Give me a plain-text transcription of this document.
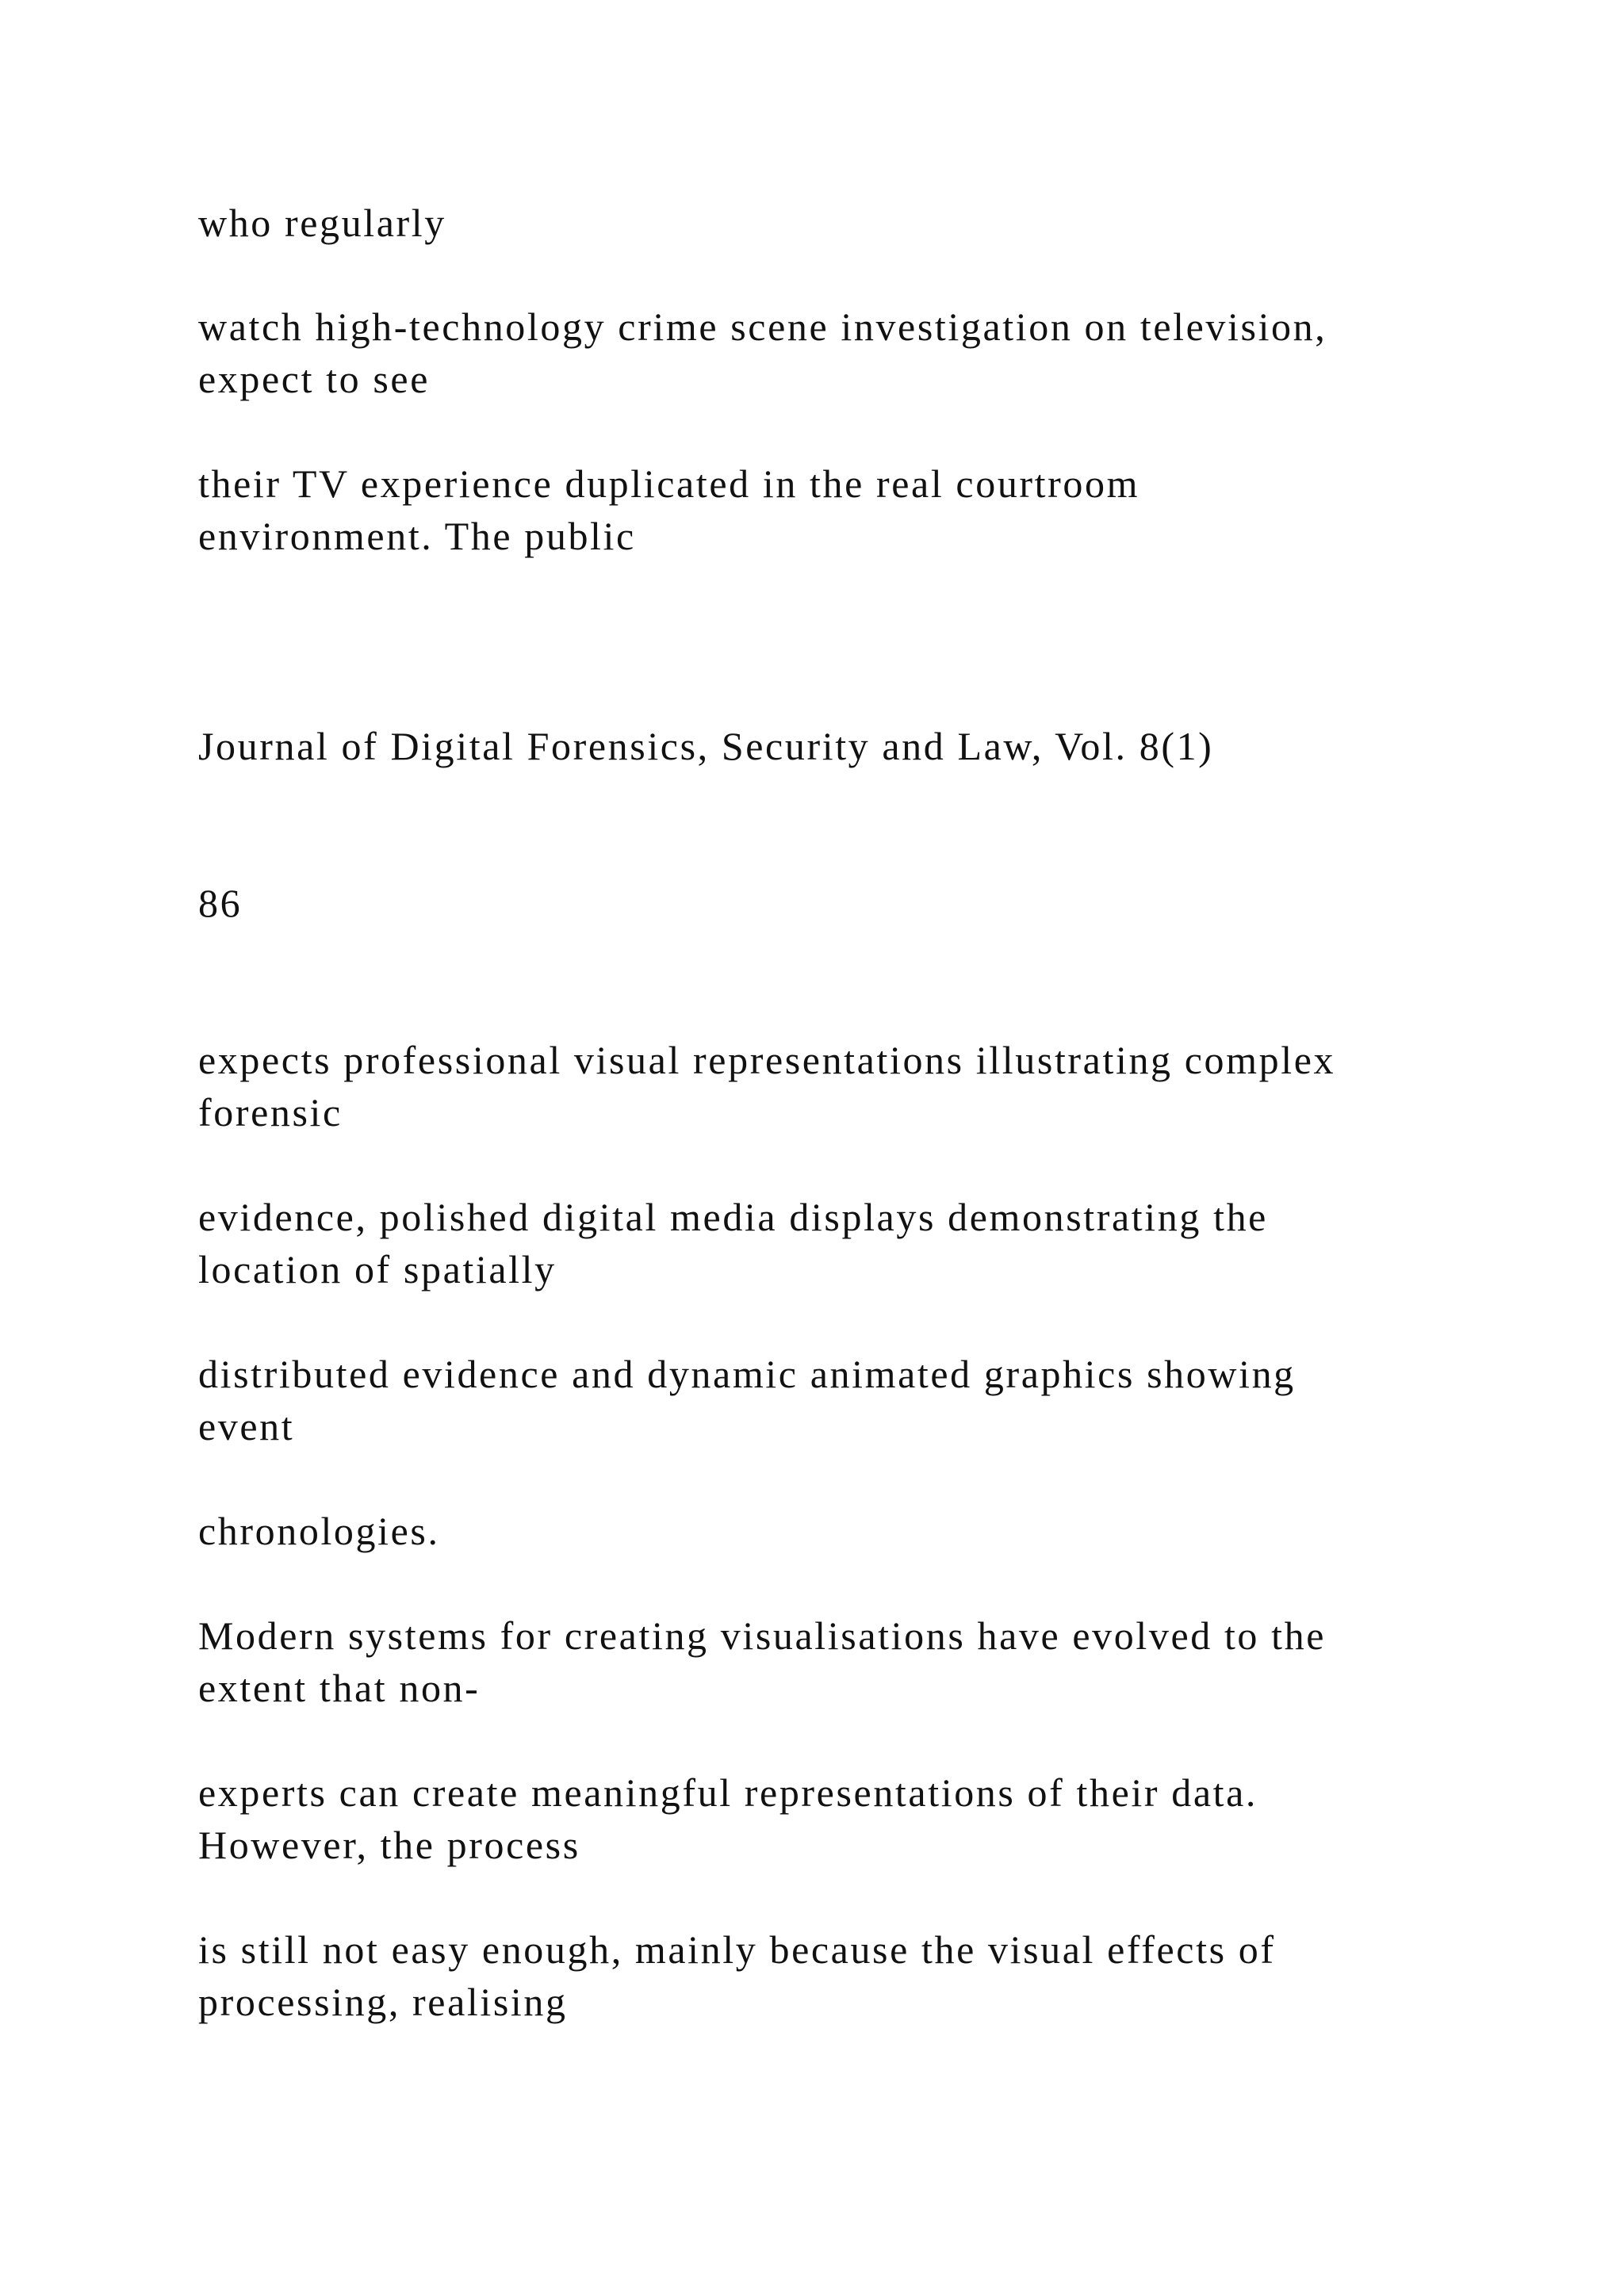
who regularly

watch high-technology crime scene investigation on television,
expect to see

their TV experience duplicated in the real courtroom
environment. The public

Journal of Digital Forensics, Security and Law, Vol. 8(1)

86

expects professional visual representations illustrating complex
forensic

evidence, polished digital media displays demonstrating the
location of spatially

distributed evidence and dynamic animated graphics showing
event

chronologies.

Modern systems for creating visualisations have evolved to the
extent that non-

experts can create meaningful representations of their data.
However, the process

is still not easy enough, mainly because the visual effects of
processing, realising
